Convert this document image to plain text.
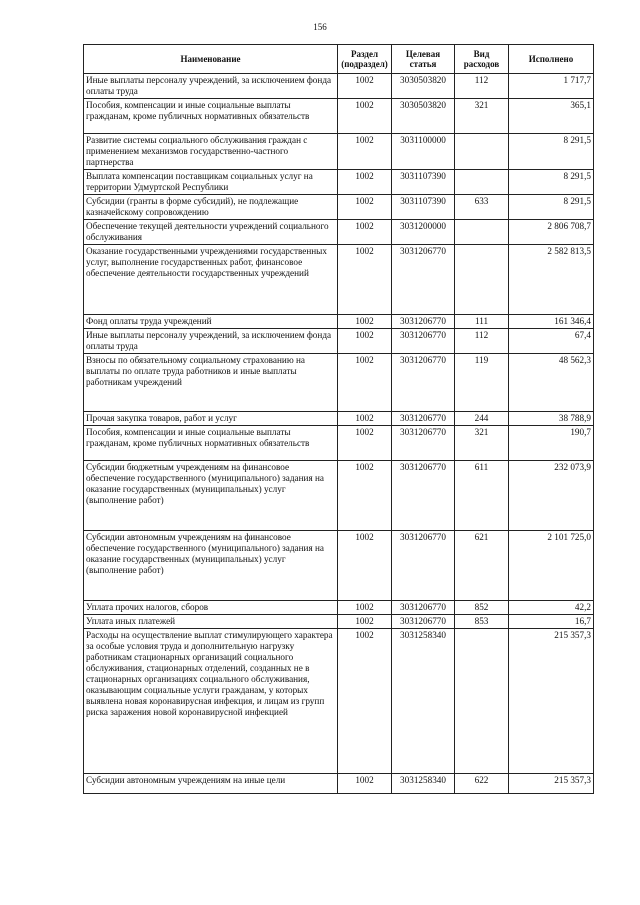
156
Наименование	Раздел (подраздел)	Целевая статья	Вид расходов	Исполнено
Иные выплаты персоналу учреждений, за исключением фонда оплаты труда	1002	3030503820	112	1 717,7
Пособия, компенсации и иные социальные выплаты гражданам, кроме публичных нормативных обязательств	1002	3030503820	321	365,1
Развитие системы социального обслуживания граждан с применением механизмов государственно-частного партнерства	1002	3031100000		8 291,5
Выплата компенсации поставщикам социальных услуг на территории Удмуртской Республики	1002	3031107390		8 291,5
Субсидии (гранты в форме субсидий), не подлежащие казначейскому сопровождению	1002	3031107390	633	8 291,5
Обеспечение текущей деятельности учреждений социального обслуживания	1002	3031200000		2 806 708,7
Оказание государственными учреждениями государственных услуг, выполнение государственных работ, финансовое обеспечение деятельности государственных учреждений	1002	3031206770		2 582 813,5
Фонд оплаты труда учреждений	1002	3031206770	111	161 346,4
Иные выплаты персоналу учреждений, за исключением фонда оплаты труда	1002	3031206770	112	67,4
Взносы по обязательному социальному страхованию на выплаты по оплате труда работников и иные выплаты работникам учреждений	1002	3031206770	119	48 562,3
Прочая закупка товаров, работ и услуг	1002	3031206770	244	38 788,9
Пособия, компенсации и иные социальные выплаты гражданам, кроме публичных нормативных обязательств	1002	3031206770	321	190,7
Субсидии бюджетным учреждениям на финансовое обеспечение государственного (муниципального) задания на оказание государственных (муниципальных) услуг (выполнение работ)	1002	3031206770	611	232 073,9
Субсидии автономным учреждениям на финансовое обеспечение государственного (муниципального) задания на оказание государственных (муниципальных) услуг (выполнение работ)	1002	3031206770	621	2 101 725,0
Уплата прочих налогов, сборов	1002	3031206770	852	42,2
Уплата иных платежей	1002	3031206770	853	16,7
Расходы на осуществление выплат стимулирующего характера за особые условия труда и дополнительную нагрузку работникам стационарных организаций социального обслуживания, стационарных отделений, созданных не в стационарных организациях социального обслуживания, оказывающим социальные услуги гражданам, у которых выявлена новая коронавирусная инфекция, и лицам из групп риска заражения новой коронавирусной инфекцией	1002	3031258340		215 357,3
Субсидии автономным учреждениям на иные цели	1002	3031258340	622	215 357,3
